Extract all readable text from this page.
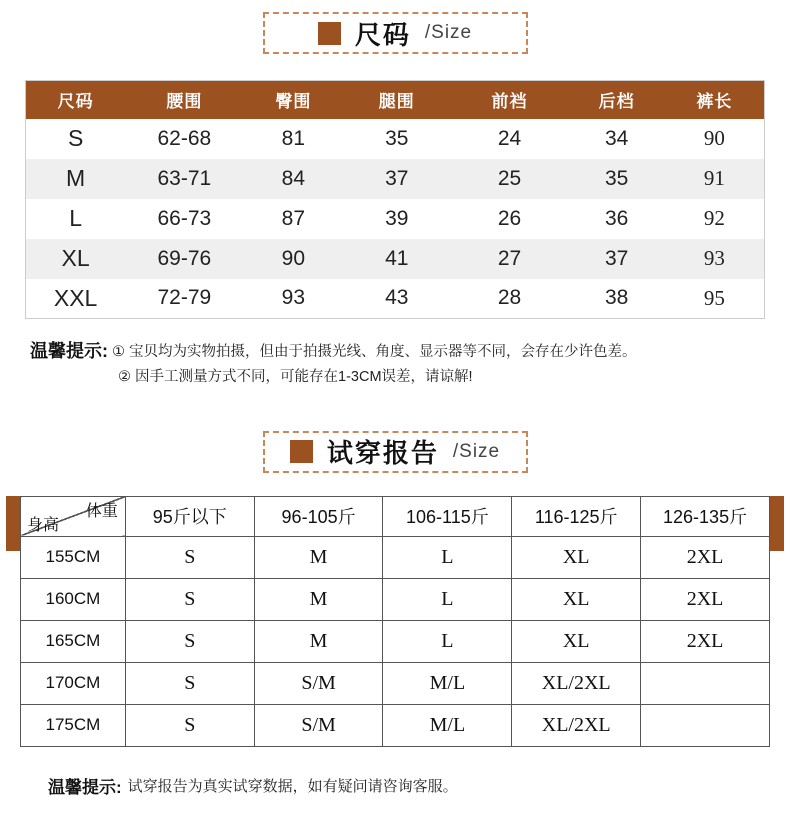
尺码 /Size
尺码	腰围	臀围	腿围	前裆	后档	裤长
S	62-68	81	35	24	34	90
M	63-71	84	37	25	35	91
L	66-73	87	39	26	36	92
XL	69-76	90	41	27	37	93
XXL	72-79	93	43	28	38	95
温馨提示: ① 宝贝均为实物拍摄，但由于拍摄光线、角度、显示器等不同，会存在少许色差。
② 因手工测量方式不同，可能存在1-3CM误差，请谅解!
试穿报告 /Size
体重
身高	95斤以下	96-105斤	106-115斤	116-125斤	126-135斤
155CM	S	M	L	XL	2XL
160CM	S	M	L	XL	2XL
165CM	S	M	L	XL	2XL
170CM	S	S/M	M/L	XL/2XL	
175CM	S	S/M	M/L	XL/2XL	
温馨提示: 试穿报告为真实试穿数据，如有疑问请咨询客服。
